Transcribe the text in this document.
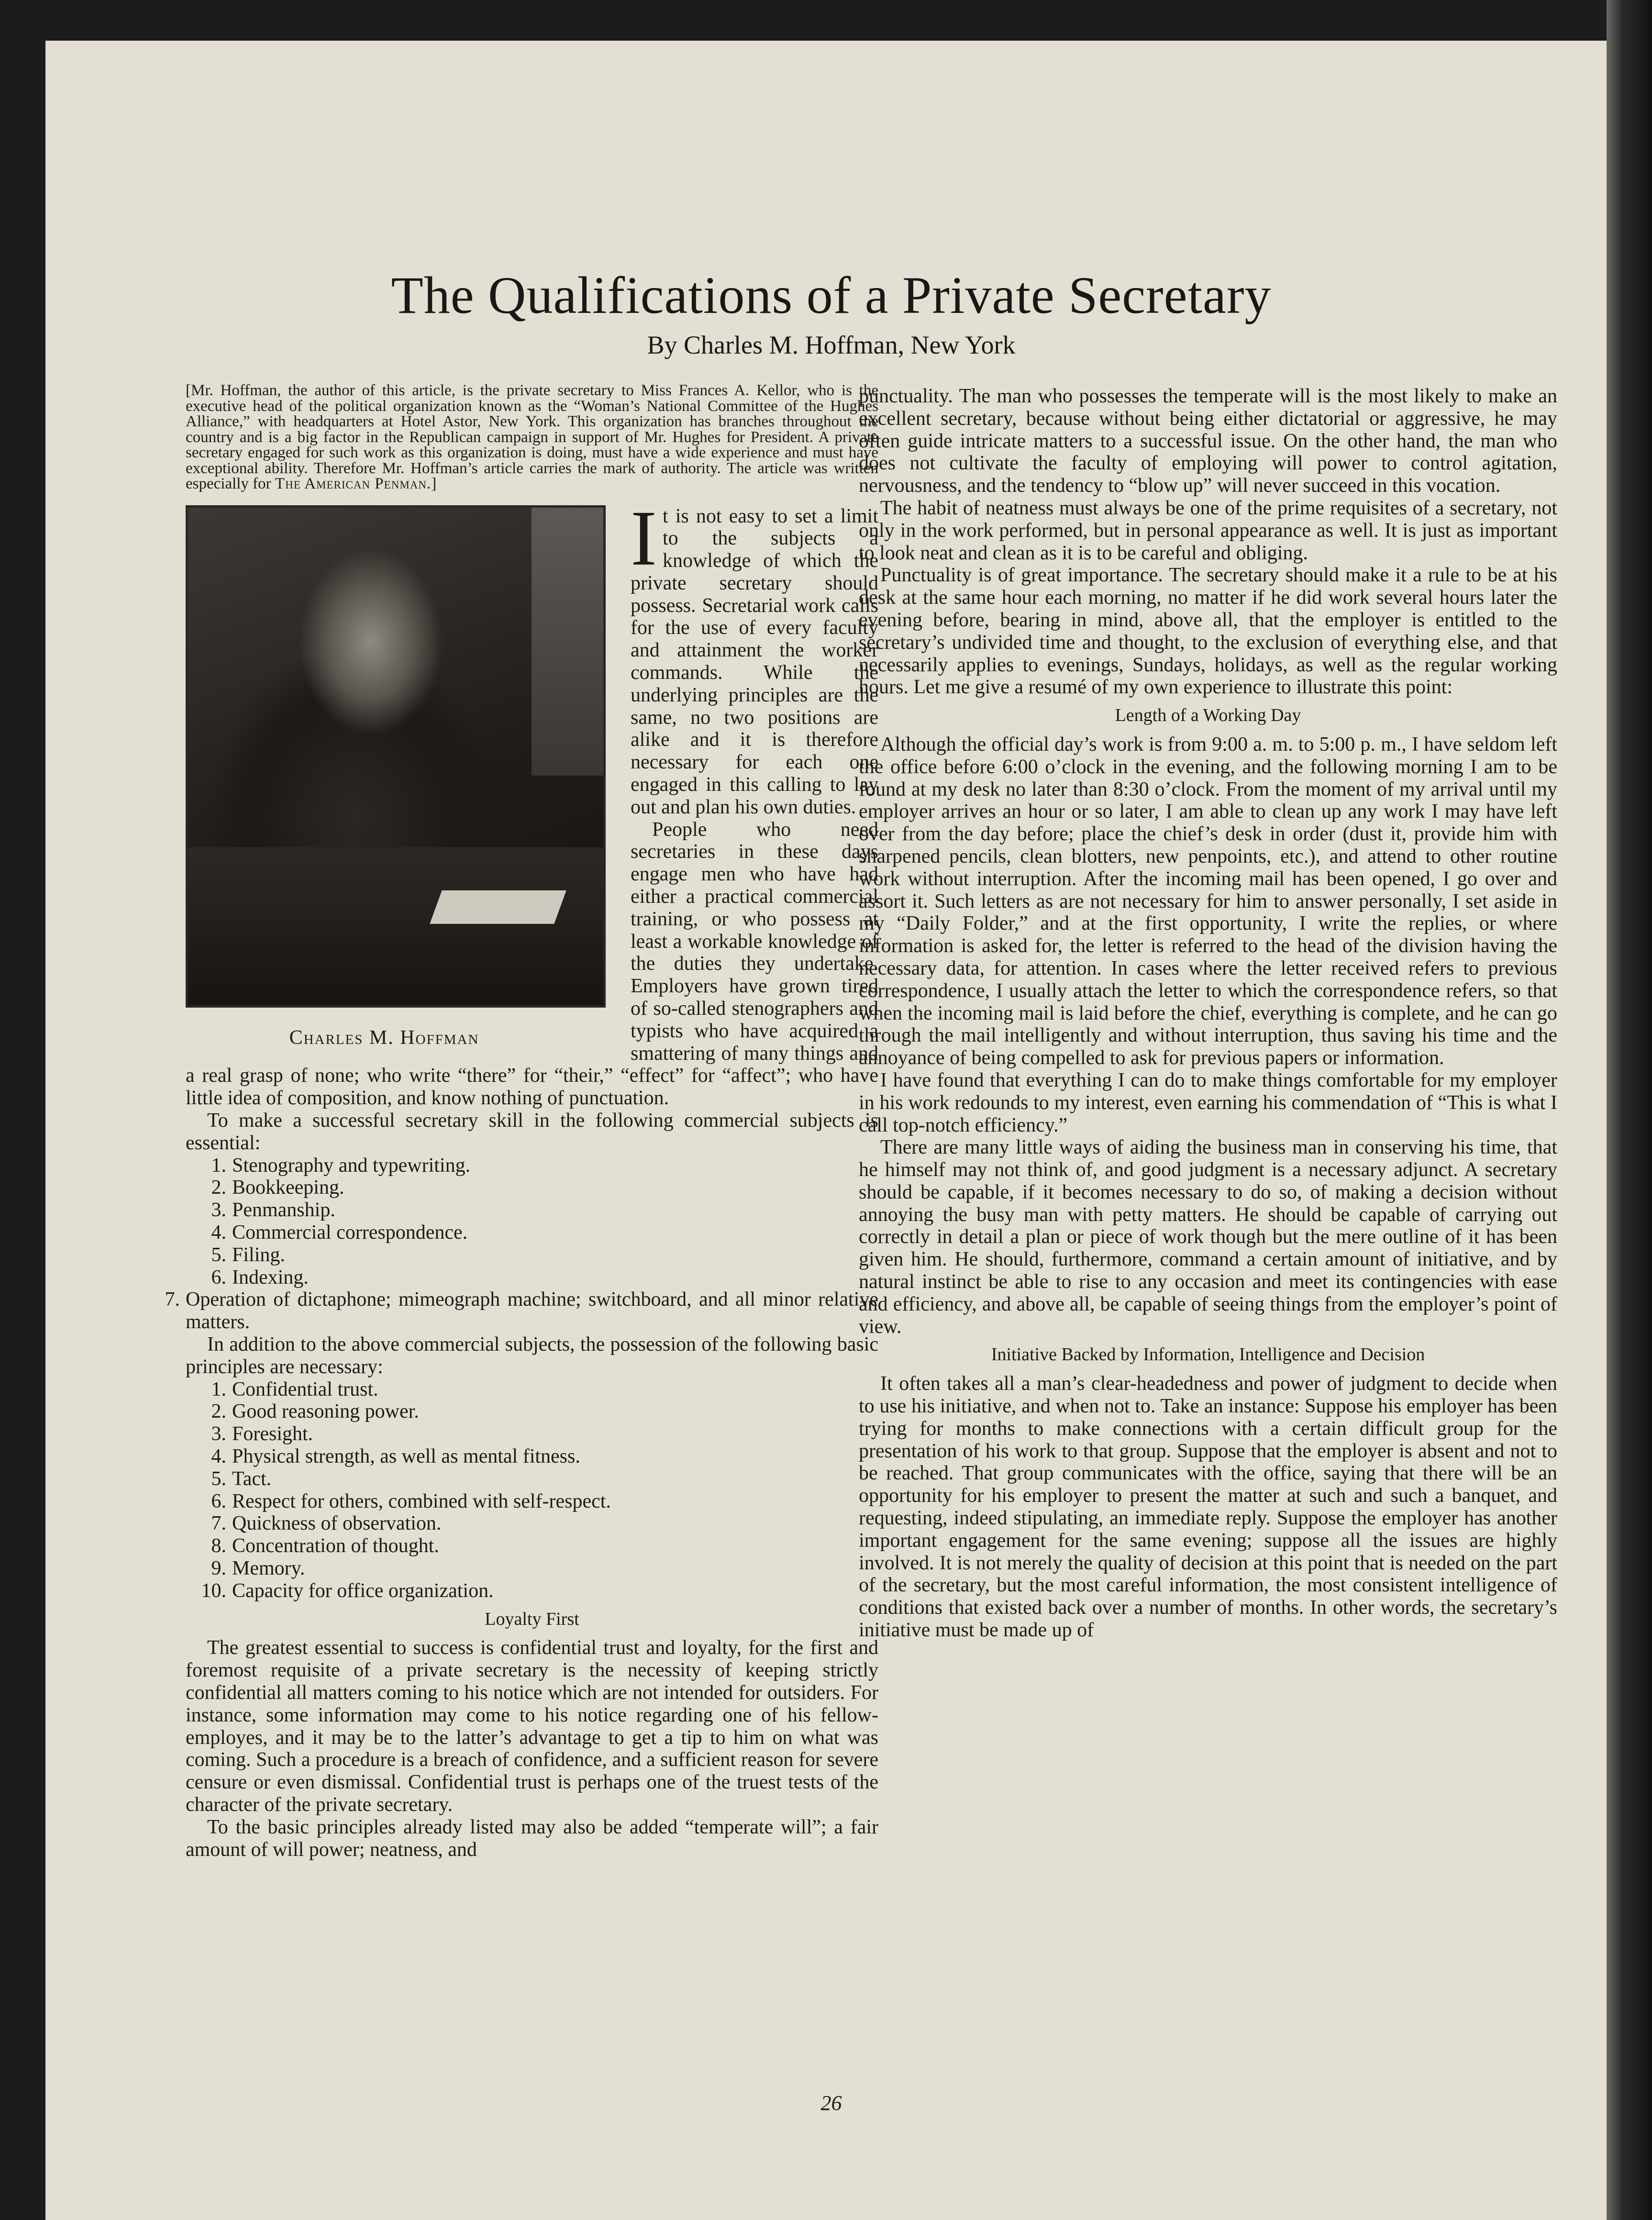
The Qualifications of a Private Secretary
By Charles M. Hoffman, New York

[Mr. Hoffman, the author of this article, is the private secretary to Miss Frances A. Kellor, who is the executive head of the political organization known as the “Woman’s National Committee of the Hughes Alliance,” with headquarters at Hotel Astor, New York. This organization has branches throughout the country and is a big factor in the Republican campaign in support of Mr. Hughes for President. A private secretary engaged for such work as this organization is doing, must have a wide experience and must have exceptional ability. Therefore Mr. Hoffman’s article carries the mark of authority. The article was written especially for The American Penman.]

Charles M. Hoffman

It is not easy to set a limit to the subjects a knowledge of which the private secretary should possess. Secretarial work calls for the use of every faculty and attainment the worker commands. While the underlying principles are the same, no two positions are alike and it is therefore necessary for each one engaged in this calling to lay out and plan his own duties.

People who need secretaries in these days engage men who have had either a practical commercial training, or who possess at least a workable knowledge of the duties they undertake. Employers have grown tired of so-called stenographers and typists who have acquired a smattering of many things and a real grasp of none; who write “there” for “their,” “effect” for “affect”; who have little idea of composition, and know nothing of punctuation.

To make a successful secretary skill in the following commercial subjects is essential:

1. Stenography and typewriting.
2. Bookkeeping.
3. Penmanship.
4. Commercial correspondence.
5. Filing.
6. Indexing.
7. Operation of dictaphone; mimeograph machine; switchboard, and all minor relative matters.

In addition to the above commercial subjects, the possession of the following basic principles are necessary:

1. Confidential trust.
2. Good reasoning power.
3. Foresight.
4. Physical strength, as well as mental fitness.
5. Tact.
6. Respect for others, combined with self-respect.
7. Quickness of observation.
8. Concentration of thought.
9. Memory.
10. Capacity for office organization.
Loyalty First

The greatest essential to success is confidential trust and loyalty, for the first and foremost requisite of a private secretary is the necessity of keeping strictly confidential all matters coming to his notice which are not intended for outsiders. For instance, some information may come to his notice regarding one of his fellow-employes, and it may be to the latter’s advantage to get a tip to him on what was coming. Such a procedure is a breach of confidence, and a sufficient reason for severe censure or even dismissal. Confidential trust is perhaps one of the truest tests of the character of the private secretary.

To the basic principles already listed may also be added “temperate will”; a fair amount of will power; neatness, and

punctuality. The man who possesses the temperate will is the most likely to make an excellent secretary, because without being either dictatorial or aggressive, he may often guide intricate matters to a successful issue. On the other hand, the man who does not cultivate the faculty of employing will power to control agitation, nervousness, and the tendency to “blow up” will never succeed in this vocation.

The habit of neatness must always be one of the prime requisites of a secretary, not only in the work performed, but in personal appearance as well. It is just as important to look neat and clean as it is to be careful and obliging.

Punctuality is of great importance. The secretary should make it a rule to be at his desk at the same hour each morning, no matter if he did work several hours later the evening before, bearing in mind, above all, that the employer is entitled to the secretary’s undivided time and thought, to the exclusion of everything else, and that necessarily applies to evenings, Sundays, holidays, as well as the regular working hours. Let me give a resumé of my own experience to illustrate this point:

Length of a Working Day

Although the official day’s work is from 9:00 a. m. to 5:00 p. m., I have seldom left the office before 6:00 o’clock in the evening, and the following morning I am to be found at my desk no later than 8:30 o’clock. From the moment of my arrival until my employer arrives an hour or so later, I am able to clean up any work I may have left over from the day before; place the chief’s desk in order (dust it, provide him with sharpened pencils, clean blotters, new penpoints, etc.), and attend to other routine work without interruption. After the incoming mail has been opened, I go over and assort it. Such letters as are not necessary for him to answer personally, I set aside in my “Daily Folder,” and at the first opportunity, I write the replies, or where information is asked for, the letter is referred to the head of the division having the necessary data, for attention. In cases where the letter received refers to previous correspondence, I usually attach the letter to which the correspondence refers, so that when the incoming mail is laid before the chief, everything is complete, and he can go through the mail intelligently and without interruption, thus saving his time and the annoyance of being compelled to ask for previous papers or information.

I have found that everything I can do to make things comfortable for my employer in his work redounds to my interest, even earning his commendation of “This is what I call top-notch efficiency.”

There are many little ways of aiding the business man in conserving his time, that he himself may not think of, and good judgment is a necessary adjunct. A secretary should be capable, if it becomes necessary to do so, of making a decision without annoying the busy man with petty matters. He should be capable of carrying out correctly in detail a plan or piece of work though but the mere outline of it has been given him. He should, furthermore, command a certain amount of initiative, and by natural instinct be able to rise to any occasion and meet its contingencies with ease and efficiency, and above all, be capable of seeing things from the employer’s point of view.

Initiative Backed by Information, Intelligence and Decision

It often takes all a man’s clear-headedness and power of judgment to decide when to use his initiative, and when not to. Take an instance: Suppose his employer has been trying for months to make connections with a certain difficult group for the presentation of his work to that group. Suppose that the employer is absent and not to be reached. That group communicates with the office, saying that there will be an opportunity for his employer to present the matter at such and such a banquet, and requesting, indeed stipulating, an immediate reply. Suppose the employer has another important engagement for the same evening; suppose all the issues are highly involved. It is not merely the quality of decision at this point that is needed on the part of the secretary, but the most careful information, the most consistent intelligence of conditions that existed back over a number of months. In other words, the secretary’s initiative must be made up of

26
